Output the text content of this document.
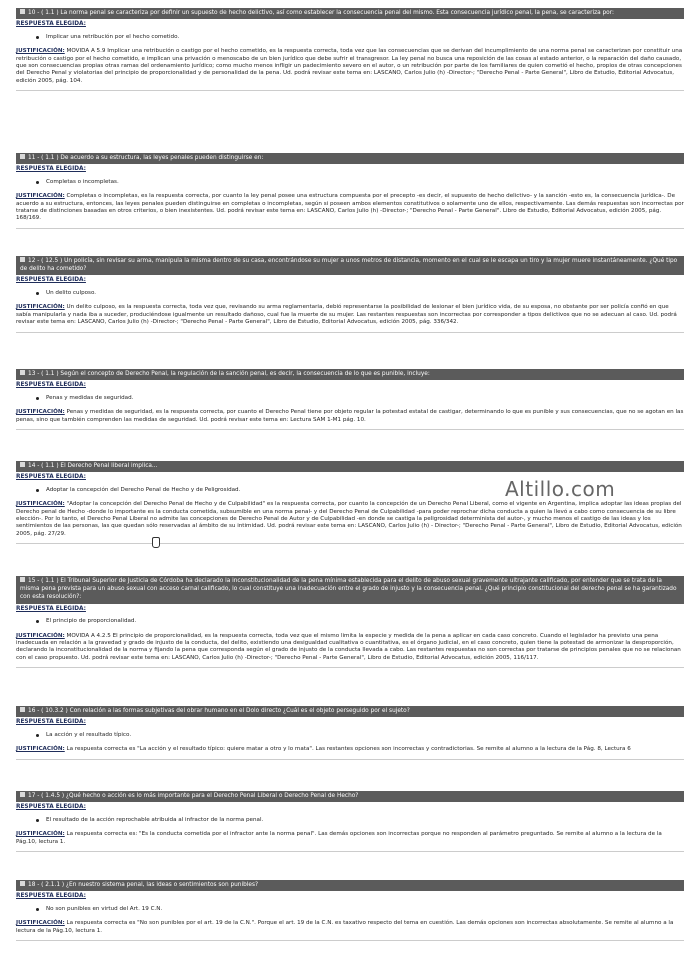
10 - ( 1.1 ) La norma penal se caracteriza por definir un supuesto de hecho delictivo, así como establecer la consecuencia penal del mismo. Esta consecuencia jurídico penal, la pena, se caracteriza por:
RESPUESTA ELEGIDA:
Implicar una retribución por el hecho cometido.
JUSTIFICACIÓN: MOVIDA A 5.9 Implicar una retribución o castigo por el hecho cometido, es la respuesta correcta, toda vez que las consecuencias que se derivan del incumplimiento de una norma penal se caracterizan por constituir una retribución o castigo por el hecho cometido, e implican una privación o menoscabo de un bien jurídico que debe sufrir el transgresor. La ley penal no busca una reposición de las cosas al estado anterior, o la reparación del daño causado, que son consecuencias propias otras ramas del ordenamiento jurídico; como mucho menos infligir un padecimiento severo en el autor, o un retribución por parte de los familiares de quien cometió el hecho, propios de otras concepciones del Derecho Penal y violatorias del principio de proporcionalidad y de personalidad de la pena. Ud. podrá revisar este tema en: LASCANO, Carlos Julio (h) -Director-; "Derecho Penal - Parte General", Libro de Estudio, Editorial Advocatus, edición 2005, pág. 104.
11 - ( 1.1 ) De acuerdo a su estructura, las leyes penales pueden distinguirse en:
RESPUESTA ELEGIDA:
Completas o incompletas.
JUSTIFICACIÓN: Completas o incompletas, es la respuesta correcta, por cuanto la ley penal posee una estructura compuesta por el precepto -es decir, el supuesto de hecho delictivo- y la sanción -esto es, la consecuencia jurídica-. De acuerdo a su estructura, entonces, las leyes penales pueden distinguirse en completas o incompletas, según si poseen ambos elementos constitutivos o solamente uno de ellos, respectivamente. Las demás respuestas son incorrectas por tratarse de distinciones basadas en otros criterios, o bien inexistentes. Ud. podrá revisar este tema en: LASCANO, Carlos Julio (h) -Director-; "Derecho Penal - Parte General". Libro de Estudio, Editorial Advocatus, edición 2005, pág. 168/169.
12 - ( 12.5 ) Un policía, sin revisar su arma, manipula la misma dentro de su casa, encontrándose su mujer a unos metros de distancia, momento en el cual se le escapa un tiro y la mujer muere instantáneamente. ¿Qué tipo de delito ha cometido?
RESPUESTA ELEGIDA:
Un delito culposo.
JUSTIFICACIÓN: Un delito culposo, es la respuesta correcta, toda vez que, revisando su arma reglamentaria, debió representarse la posibilidad de lesionar el bien jurídico vida, de su esposa, no obstante por ser policía confió en que sabía manipularla y nada iba a suceder, produciéndose igualmente un resultado dañoso, cual fue la muerte de su mujer. Las restantes respuestas son incorrectas por corresponder a tipos delictivos que no se adecuan al caso. Ud. podrá revisar este tema en: LASCANO, Carlos Julio (h) -Director-; "Derecho Penal - Parte General", Libro de Estudio, Editorial Advocatus, edición 2005, pág. 336/342.
13 - ( 1.1 ) Según el concepto de Derecho Penal, la regulación de la sanción penal, es decir, la consecuencia de lo que es punible, incluye:
RESPUESTA ELEGIDA:
Penas y medidas de seguridad.
JUSTIFICACIÓN: Penas y medidas de seguridad, es la respuesta correcta, por cuanto el Derecho Penal tiene por objeto regular la potestad estatal de castigar, determinando lo que es punible y sus consecuencias, que no se agotan en las penas, sino que también comprenden las medidas de seguridad. Ud. podrá revisar este tema en: Lectura SAM 1-M1 pág. 10.
14 - ( 1.1 ) El Derecho Penal liberal implica...
RESPUESTA ELEGIDA:
Adoptar la concepción del Derecho Penal de Hecho y de Peligrosidad.
JUSTIFICACIÓN: "Adoptar la concepción del Derecho Penal de Hecho y de Culpabilidad" es la respuesta correcta, por cuanto la concepción de un Derecho Penal Liberal, como el vigente en Argentina, implica adoptar las ideas propias del Derecho penal de Hecho -donde lo importante es la conducta cometida, subsumible en una norma penal- y del Derecho Penal de Culpabilidad -para poder reprochar dicha conducta a quien la llevó a cabo como consecuencia de su libre elección-. Por lo tanto, el Derecho Penal Liberal no admite las concepciones de Derecho Penal de Autor y de Culpabilidad -en donde se castiga la peligrosidad determinista del autor-, y mucho menos el castigo de las ideas y los sentimientos de las personas, las que quedan sólo reservadas al ámbito de su intimidad. Ud. podrá revisar este tema en: LASCANO, Carlos Julio (h) - Director-; "Derecho Penal - Parte General", Libro de Estudio, Editorial Advocatus, edición 2005, pág. 27/29.
15 - ( 1.1 ) El Tribunal Superior de Justicia de Córdoba ha declarado la inconstitucionalidad de la pena mínima establecida para el delito de abuso sexual gravemente ultrajante calificado, por entender que se trata de la misma pena prevista para un abuso sexual con acceso carnal calificado, lo cual constituye una inadecuación entre el grado de injusto y la consecuencia penal. ¿Qué principio constitucional del derecho penal se ha garantizado con esta resolución?:
RESPUESTA ELEGIDA:
El principio de proporcionalidad.
JUSTIFICACIÓN: MOVIDA A 4.2.5 El principio de proporcionalidad, es la respuesta correcta, toda vez que el mismo limita la especie y medida de la pena a aplicar en cada caso concreto. Cuando el legislador ha previsto una pena inadecuada en relación a la gravedad y grado de injusto de la conducta, del delito, existiendo una desigualdad cualitativa o cuantitativa, es el órgano judicial, en el caso concreto, quien tiene la potestad de armonizar la desproporción, declarando la inconstitucionalidad de la norma y fijando la pena que corresponda según el grado de injusto de la conducta llevada a cabo. Las restantes respuestas no son correctas por tratarse de principios penales que no se relacionan con el caso propuesto. Ud. podrá revisar este tema en: LASCANO, Carlos Julio (h) -Director-; "Derecho Penal - Parte General", Libro de Estudio, Editorial Advocatus, edición 2005, 116/117.
16 - ( 10.3.2 ) Con relación a las formas subjetivas del obrar humano en el Dolo directo ¿Cuál es el objeto perseguido por el sujeto?
RESPUESTA ELEGIDA:
La acción y el resultado típico.
JUSTIFICACIÓN: La respuesta correcta es "La acción y el resultado típico: quiere matar a otro y lo mata". Las restantes opciones son incorrectas y contradictorias. Se remite al alumno a la lectura de la Pág. 8, Lectura 6
17 - ( 1.4.5 ) ¿Qué hecho o acción es lo más importante para el Derecho Penal Liberal o Derecho Penal de Hecho?
RESPUESTA ELEGIDA:
El resultado de la acción reprochable atribuida al infractor de la norma penal.
JUSTIFICACIÓN: La respuesta correcta es: "Es la conducta cometida por el infractor ante la norma penal". Las demás opciones son incorrectas porque no responden al parámetro preguntado. Se remite al alumno a la lectura de la Pág.10, lectura 1.
18 - ( 2.1.1 ) ¿En nuestro sistema penal, las ideas o sentimientos son punibles?
RESPUESTA ELEGIDA:
No son punibles en virtud del Art. 19 C.N.
JUSTIFICACIÓN: La respuesta correcta es "No son punibles por el art. 19 de la C.N.". Porque el art. 19 de la C.N. es taxativo respecto del tema en cuestión. Las demás opciones son incorrectas absolutamente. Se remite al alumno a la lectura de la Pág.10, lectura 1.
Altillo.com
